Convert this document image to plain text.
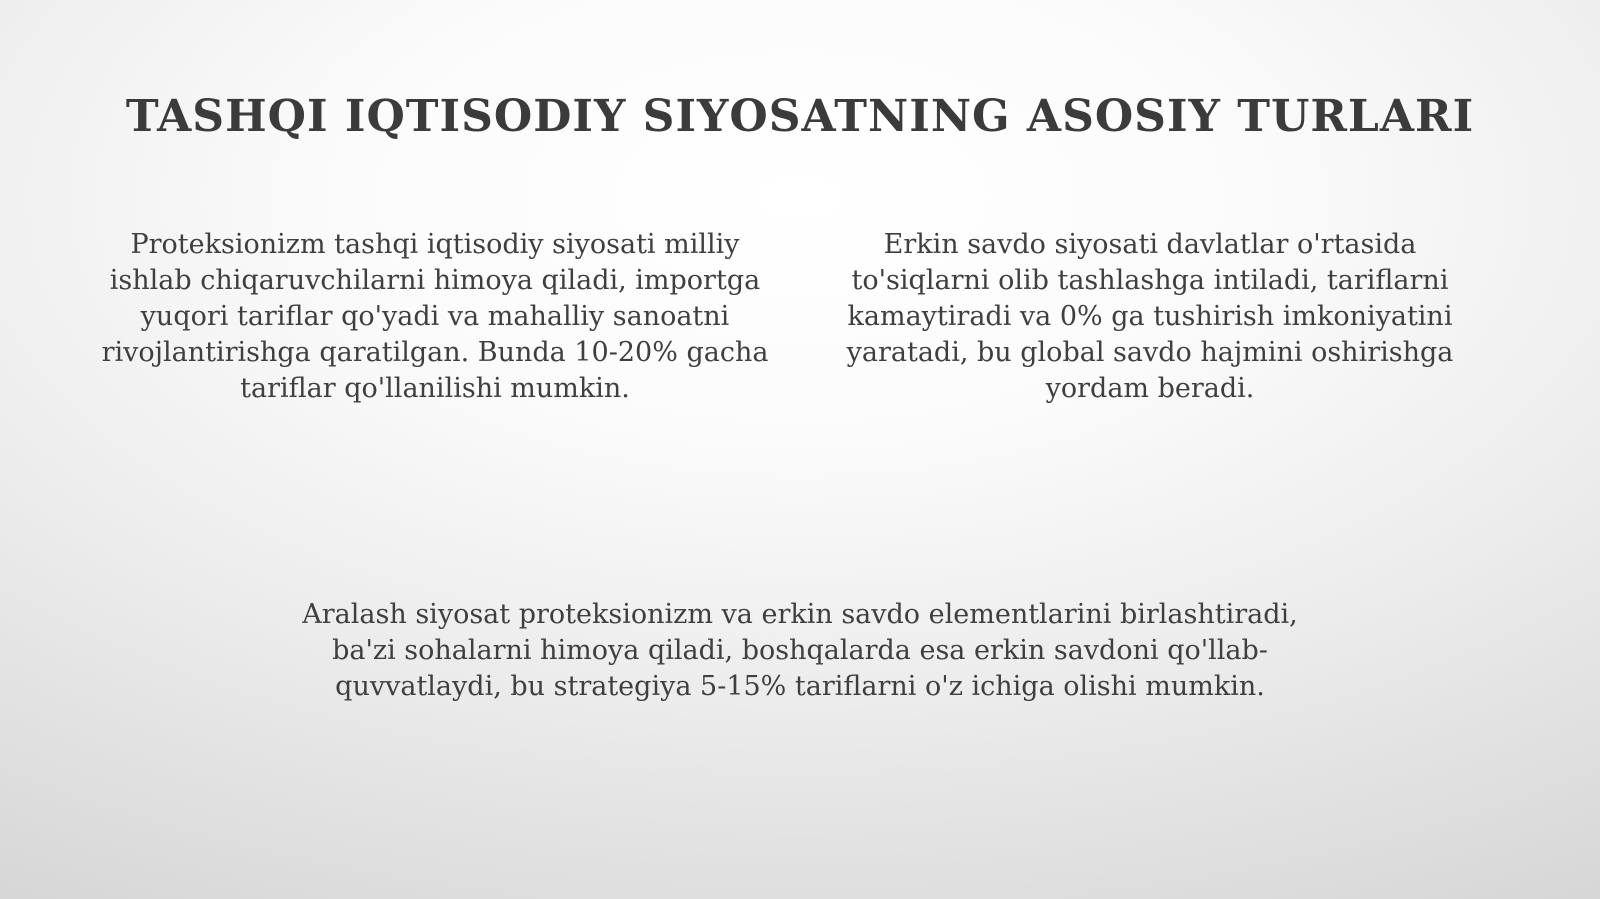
TASHQI IQTISODIY SIYOSATNING ASOSIY TURLARI

Proteksionizm tashqi iqtisodiy siyosati milliy ishlab chiqaruvchilarni himoya qiladi, importga yuqori tariflar qo'yadi va mahalliy sanoatni rivojlantirishga qaratilgan. Bunda 10-20% gacha tariflar qo'llanilishi mumkin.

Erkin savdo siyosati davlatlar o'rtasida to'siqlarni olib tashlashga intiladi, tariflarni kamaytiradi va 0% ga tushirish imkoniyatini yaratadi, bu global savdo hajmini oshirishga yordam beradi.

Aralash siyosat proteksionizm va erkin savdo elementlarini birlashtiradi, ba'zi sohalarni himoya qiladi, boshqalarda esa erkin savdoni qo'llab-quvvatlaydi, bu strategiya 5-15% tariflarni o'z ichiga olishi mumkin.
